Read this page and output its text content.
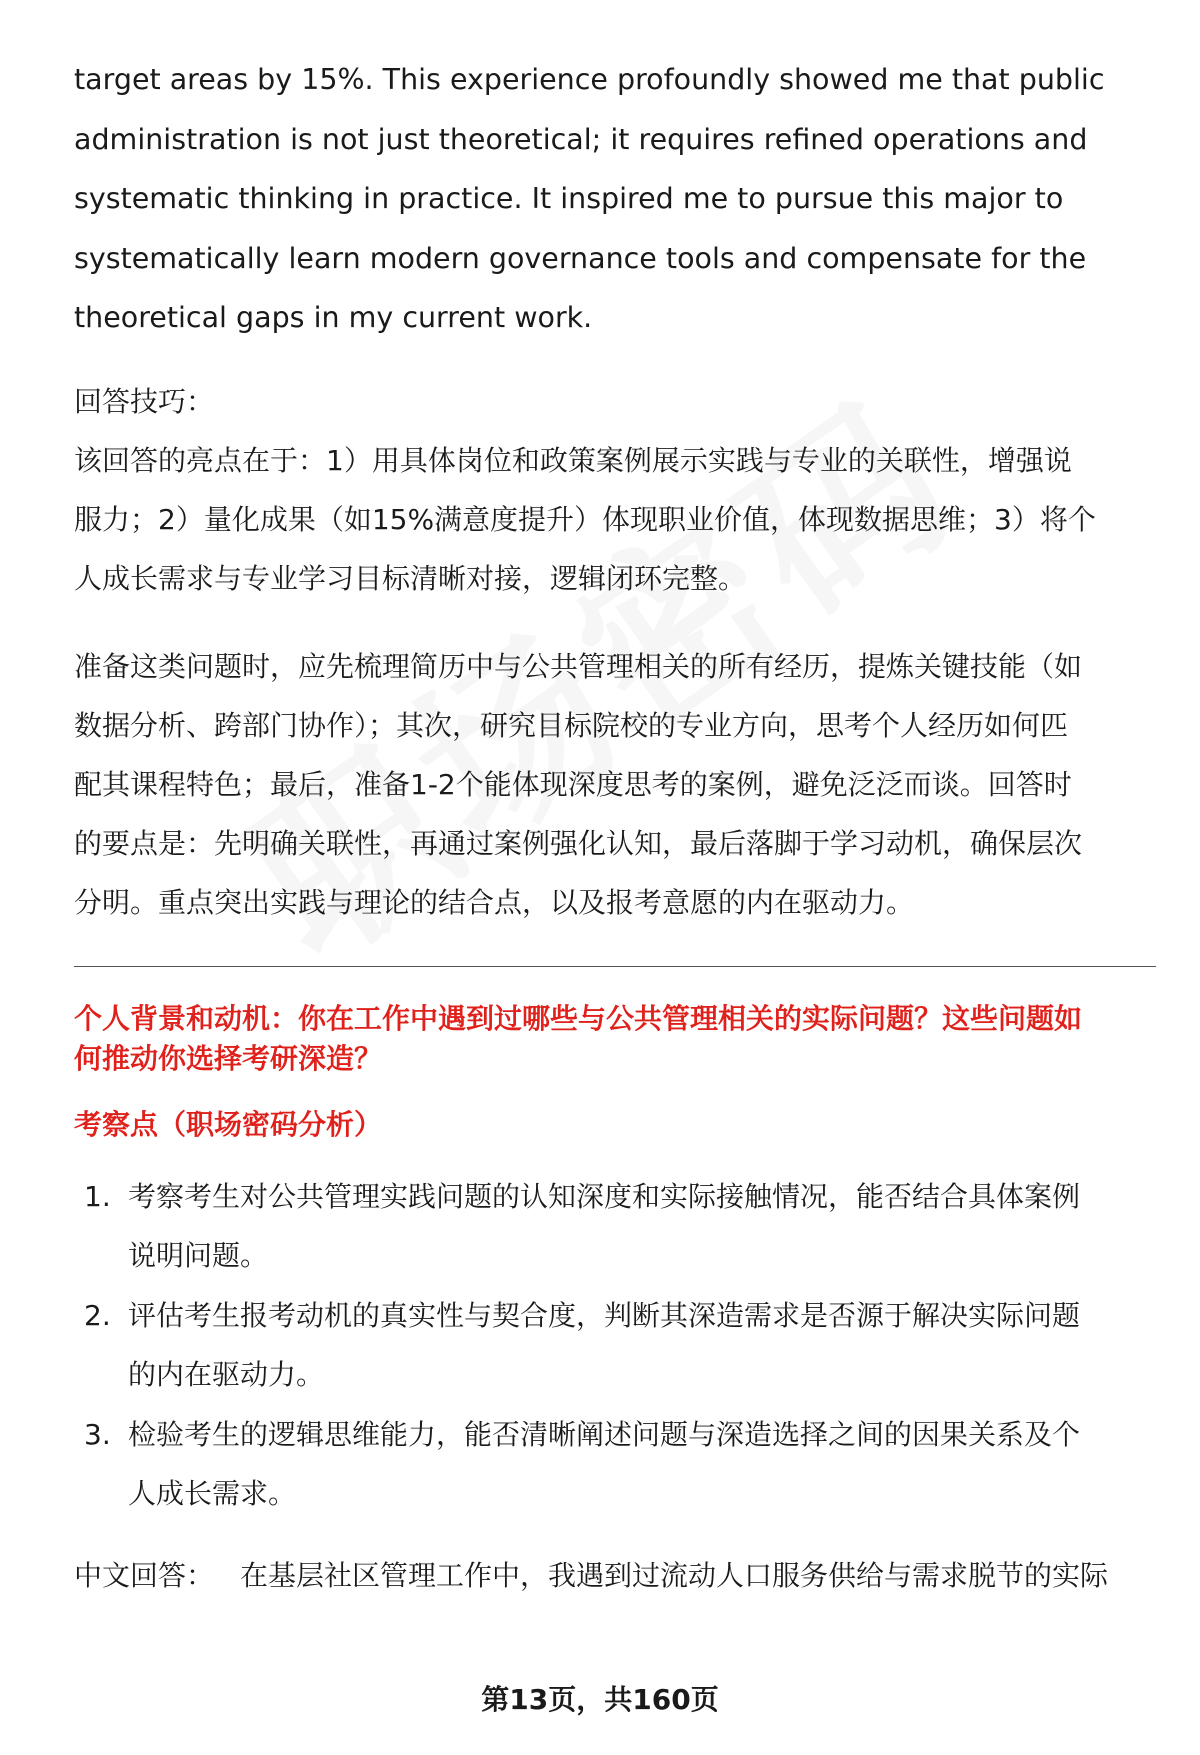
target areas by 15%. This experience profoundly showed me that public
administration is not just theoretical; it requires refined operations and
systematic thinking in practice. It inspired me to pursue this major to
systematically learn modern governance tools and compensate for the
theoretical gaps in my current work.

回答技巧：

该回答的亮点在于：1）用具体岗位和政策案例展示实践与专业的关联性，增强说
服力；2）量化成果（如15%满意度提升）体现职业价值，体现数据思维；3）将个
人成长需求与专业学习目标清晰对接，逻辑闭环完整。

准备这类问题时，应先梳理简历中与公共管理相关的所有经历，提炼关键技能（如
数据分析、跨部门协作）；其次，研究目标院校的专业方向，思考个人经历如何匹
配其课程特色；最后，准备1-2个能体现深度思考的案例，避免泛泛而谈。回答时
的要点是：先明确关联性，再通过案例强化认知，最后落脚于学习动机，确保层次
分明。重点突出实践与理论的结合点，以及报考意愿的内在驱动力。

个人背景和动机：你在工作中遇到过哪些与公共管理相关的实际问题？这些问题如
何推动你选择考研深造？
考察点（职场密码分析）
1. 考察考生对公共管理实践问题的认知深度和实际接触情况，能否结合具体案例
说明问题。
2. 评估考生报考动机的真实性与契合度，判断其深造需求是否源于解决实际问题
的内在驱动力。
3. 检验考生的逻辑思维能力，能否清晰阐述问题与深造选择之间的因果关系及个
人成长需求。
中文回答： 在基层社区管理工作中，我遇到过流动人口服务供给与需求脱节的实际
第13页，共160页
